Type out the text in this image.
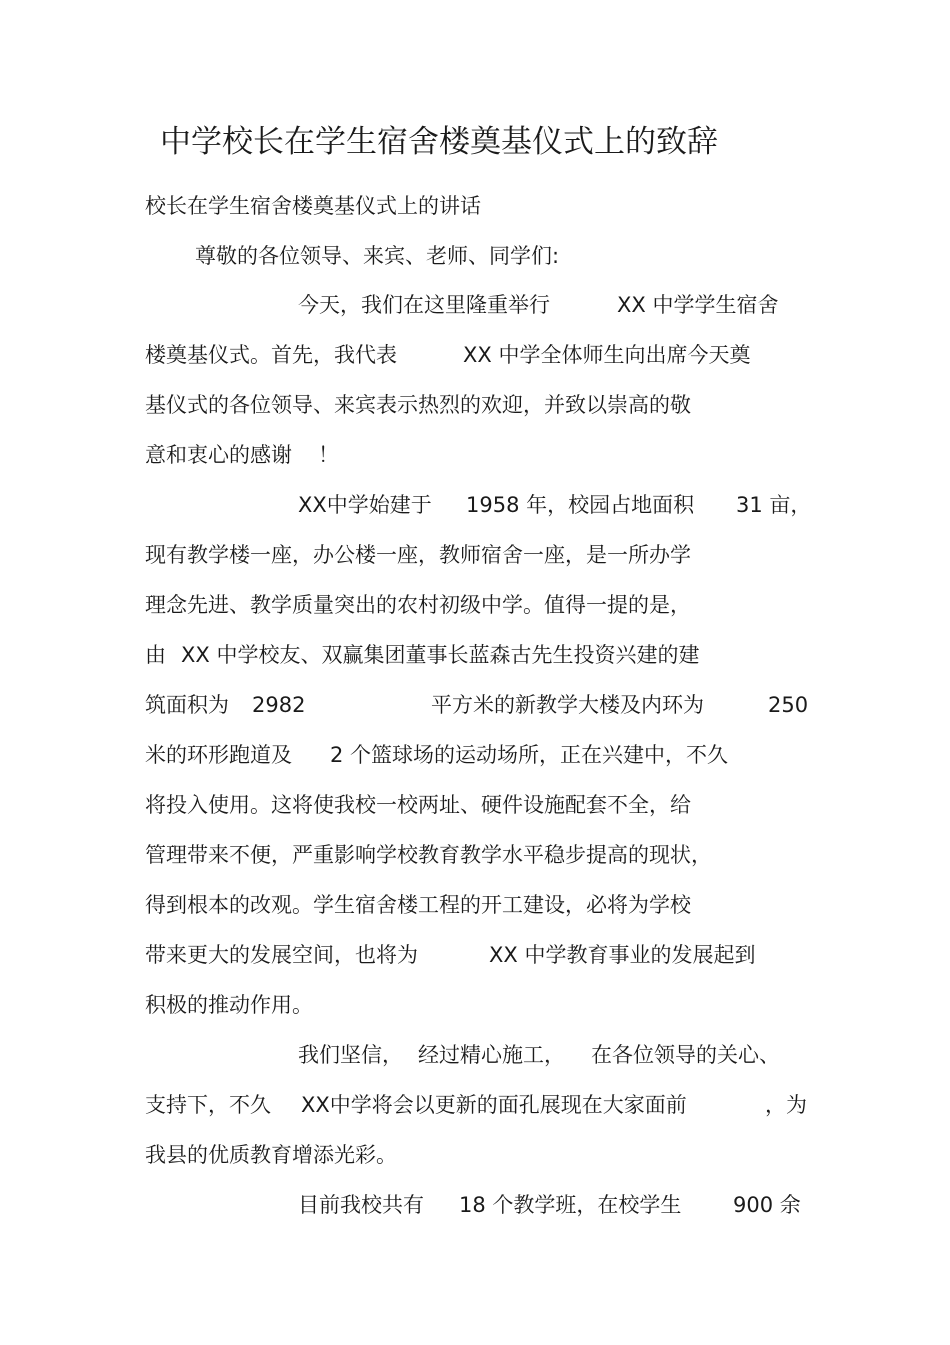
中学校长在学生宿舍楼奠基仪式上的致辞
校长在学生宿舍楼奠基仪式上的讲话
尊敬的各位领导、来宾、老师、同学们:
今天，我们在这里隆重举行	XX 中学学生宿舍
楼奠基仪式。首先，我代表	XX 中学全体师生向出席今天奠
基仪式的各位领导、来宾表示热烈的欢迎，并致以崇高的敬
意和衷心的感谢 ！
XX中学始建于 1958 年，校园占地面积 31 亩，
现有教学楼一座，办公楼一座，教师宿舍一座，是一所办学
理念先进、教学质量突出的农村初级中学。值得一提的是，
由 XX 中学校友、双赢集团董事长蓝森古先生投资兴建的建
筑面积为 2982	平方米的新教学大楼及内环为	250
米的环形跑道及 2 个篮球场的运动场所，正在兴建中，不久
将投入使用。这将使我校一校两址、硬件设施配套不全，给
管理带来不便，严重影响学校教育教学水平稳步提高的现状，
得到根本的改观。学生宿舍楼工程的开工建设，必将为学校
带来更大的发展空间，也将为	XX 中学教育事业的发展起到
积极的推动作用。
我们坚信， 经过精心施工， 在各位领导的关心、
支持下，不久 XX中学将会以更新的面孔展现在大家面前	，为
我县的优质教育增添光彩。
目前我校共有 18 个教学班，在校学生 900 余
